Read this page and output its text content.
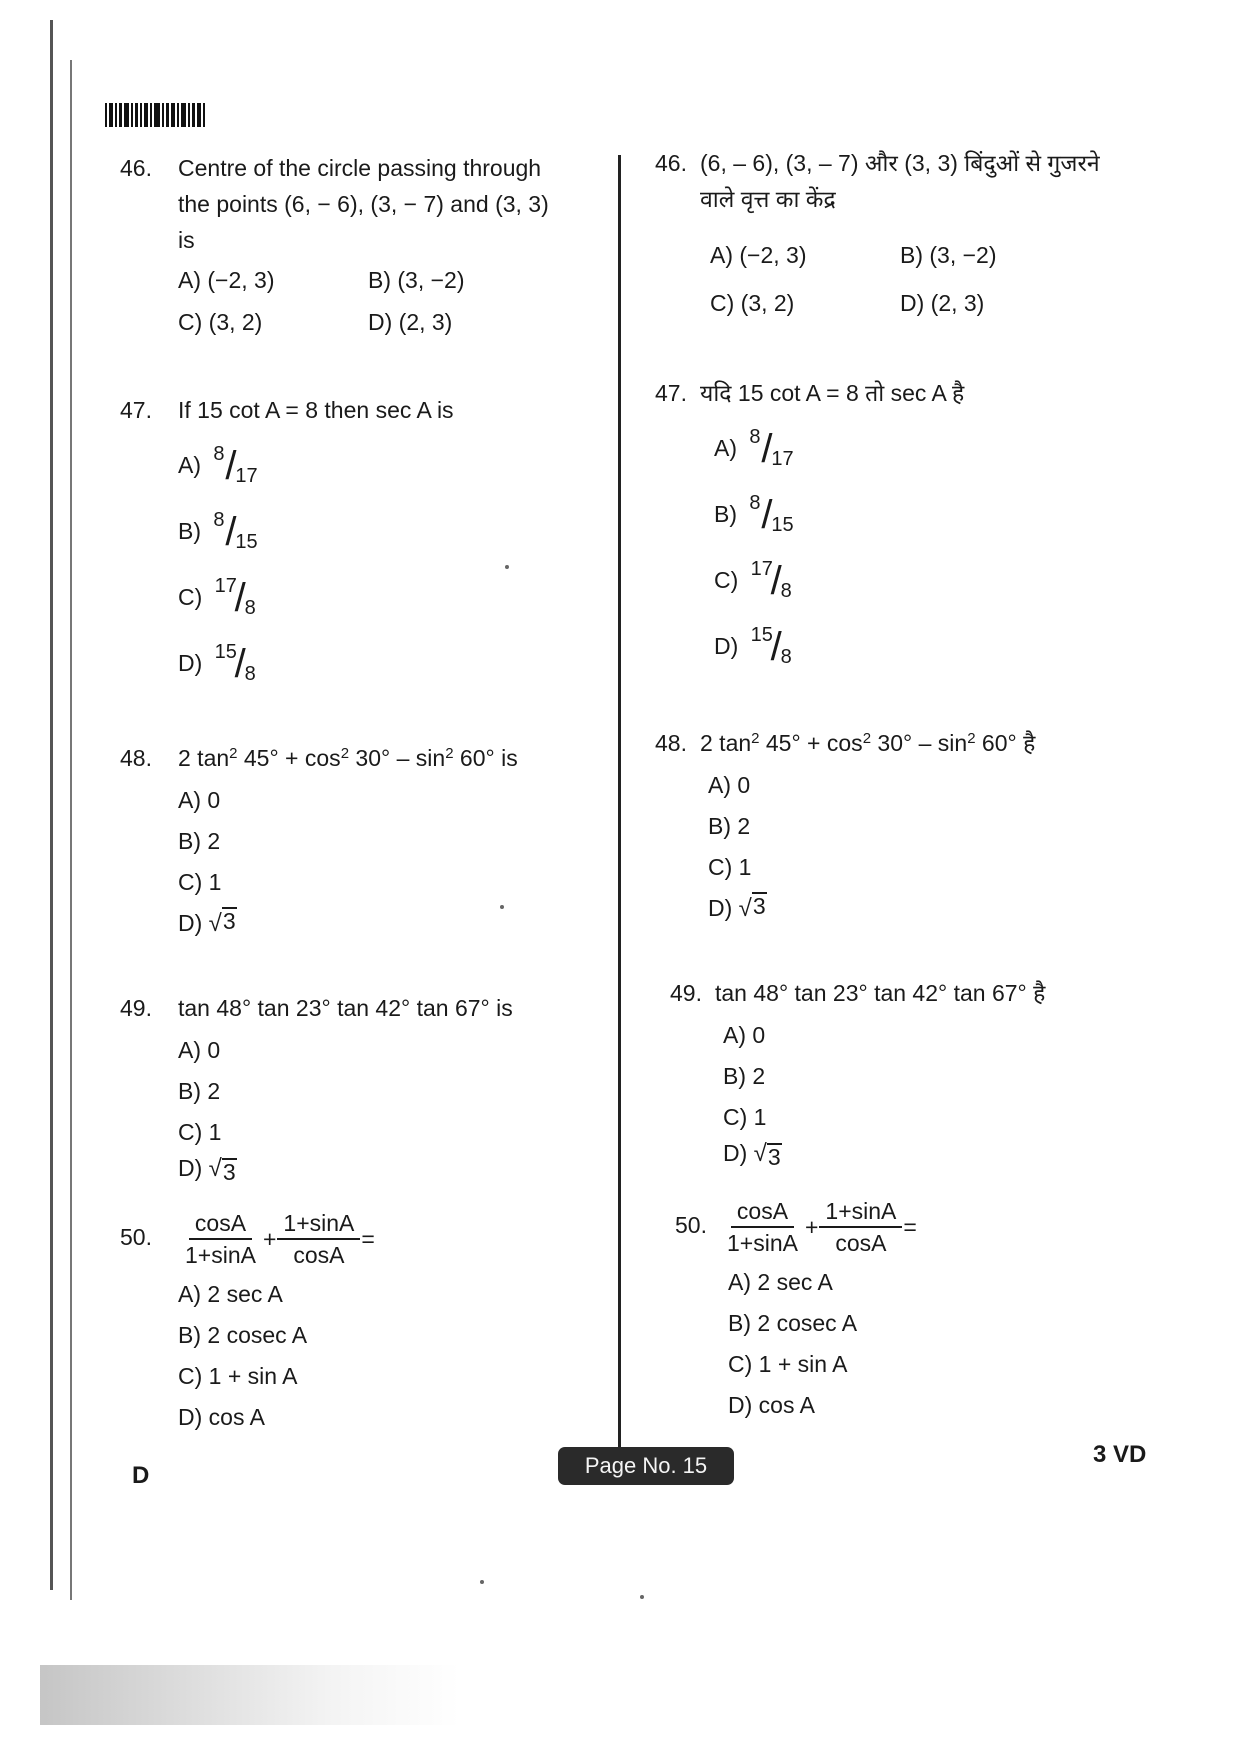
46. Centre of the circle passing through the points (6, − 6), (3, − 7) and (3, 3) is
A) (−2, 3)	B) (3, −2)
C) (3, 2)	D) (2, 3)
47. If 15 cot A = 8 then sec A is
A) 8 /
17
B) 8 /
15
C) 17
/
8
D) 15
/
8
48. 2 $\tan^2 45^\circ + \cos^2 30^\circ - \sin^2 60^\circ$ is
A) 0
B) 2
C) 1
D) √ 3
49. tan 48° tan 23° tan 42° tan 67° is
A) 0
B) 2
C) 1
D) √ 3
50. $\frac{\cos A}{1+\sin A} + \frac{1+\sin A}{\cos A}$ =
A) 2 sec A
B) 2 cosec A
C) 1 + sin A
D) cos A
46. (6, – 6), (3, – 7) और (3, 3) बिंदुओं से गुजरने वाले वृत्त का केंद्र
A) (−2, 3)	B) (3, −2)
C) (3, 2)	D) (2, 3)
47. यदि 15 cot A = 8 तो sec A है
A) 8 /
17
B) 8 /
15
C) 17
/
8
D) 15
/
8
48. 2 $\tan^2 45^\circ + \cos^2 30^\circ - \sin^2 60^\circ$ है
A) 0
B) 2
C) 1
D) √ 3
49. tan 48° tan 23° tan 42° tan 67° है
A) 0
B) 2
C) 1
D) √ 3
50. $\frac{\cos A}{1+\sin A} + \frac{1+\sin A}{\cos A}$ =
A) 2 sec A
B) 2 cosec A
C) 1 + sin A
D) cos A
D	Page No. 15	3 VD
